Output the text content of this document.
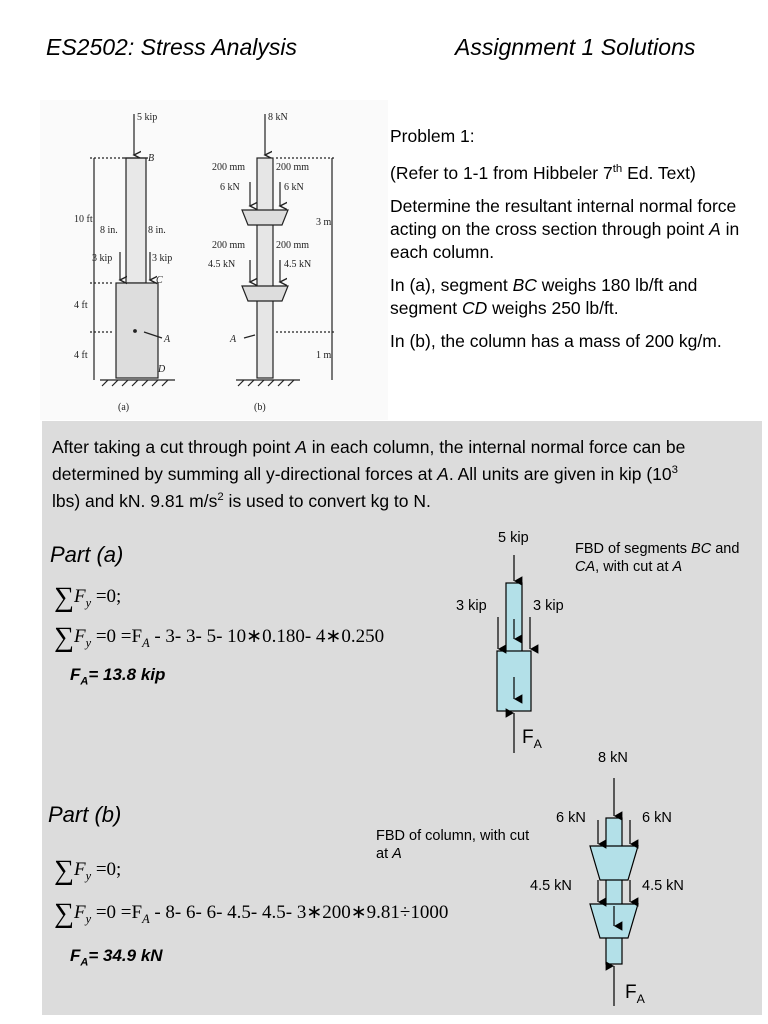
ES2502: Stress Analysis	Assignment 1 Solutions
5 kip
B
10 ft
8 in.	8 in.
3 kip	3 kip
C
4 ft
A
4 ft
D
(a)
8 kN
200 mm	200 mm
6 kN	6 kN
3 m
200 mm	200 mm
4.5 kN	4.5 kN
A
1 m
(b)

Problem 1:

(Refer to 1-1 from Hibbeler 7th Ed. Text)

Determine the resultant internal normal force acting on the cross section through point A in each column.

In (a), segment BC weighs 180 lb/ft and segment CD weighs 250 lb/ft.

In (b), the column has a mass of 200 kg/m.

After taking a cut through point A in each column, the internal normal force can be determined by summing all y-directional forces at A. All units are given in kip ($10^3$ lbs) and kN. 9.81 $m/s^2$ is used to convert kg to N.
Part (a)
$\sum F_y =0$;
$\sum F_y =0 =F_A - 3-$ 3- 5- 10∗0.180- 4∗0.250
$F_A= 13.8$ kip
FBD of segments BC and CA, with cut at A
5 kip
3 kip	3 kip
$F_A$
Part (b)
FBD of column, with cut at A
$\sum F_y =0$;
$\sum F_y =0 =F_A - 8-$ 6- 6- 4.5- 4.5- 3∗200∗9.81÷1000
$F_A= 34.9$ kN
8 kN
6 kN	6 kN
4.5 kN	4.5 kN
$F_A$
